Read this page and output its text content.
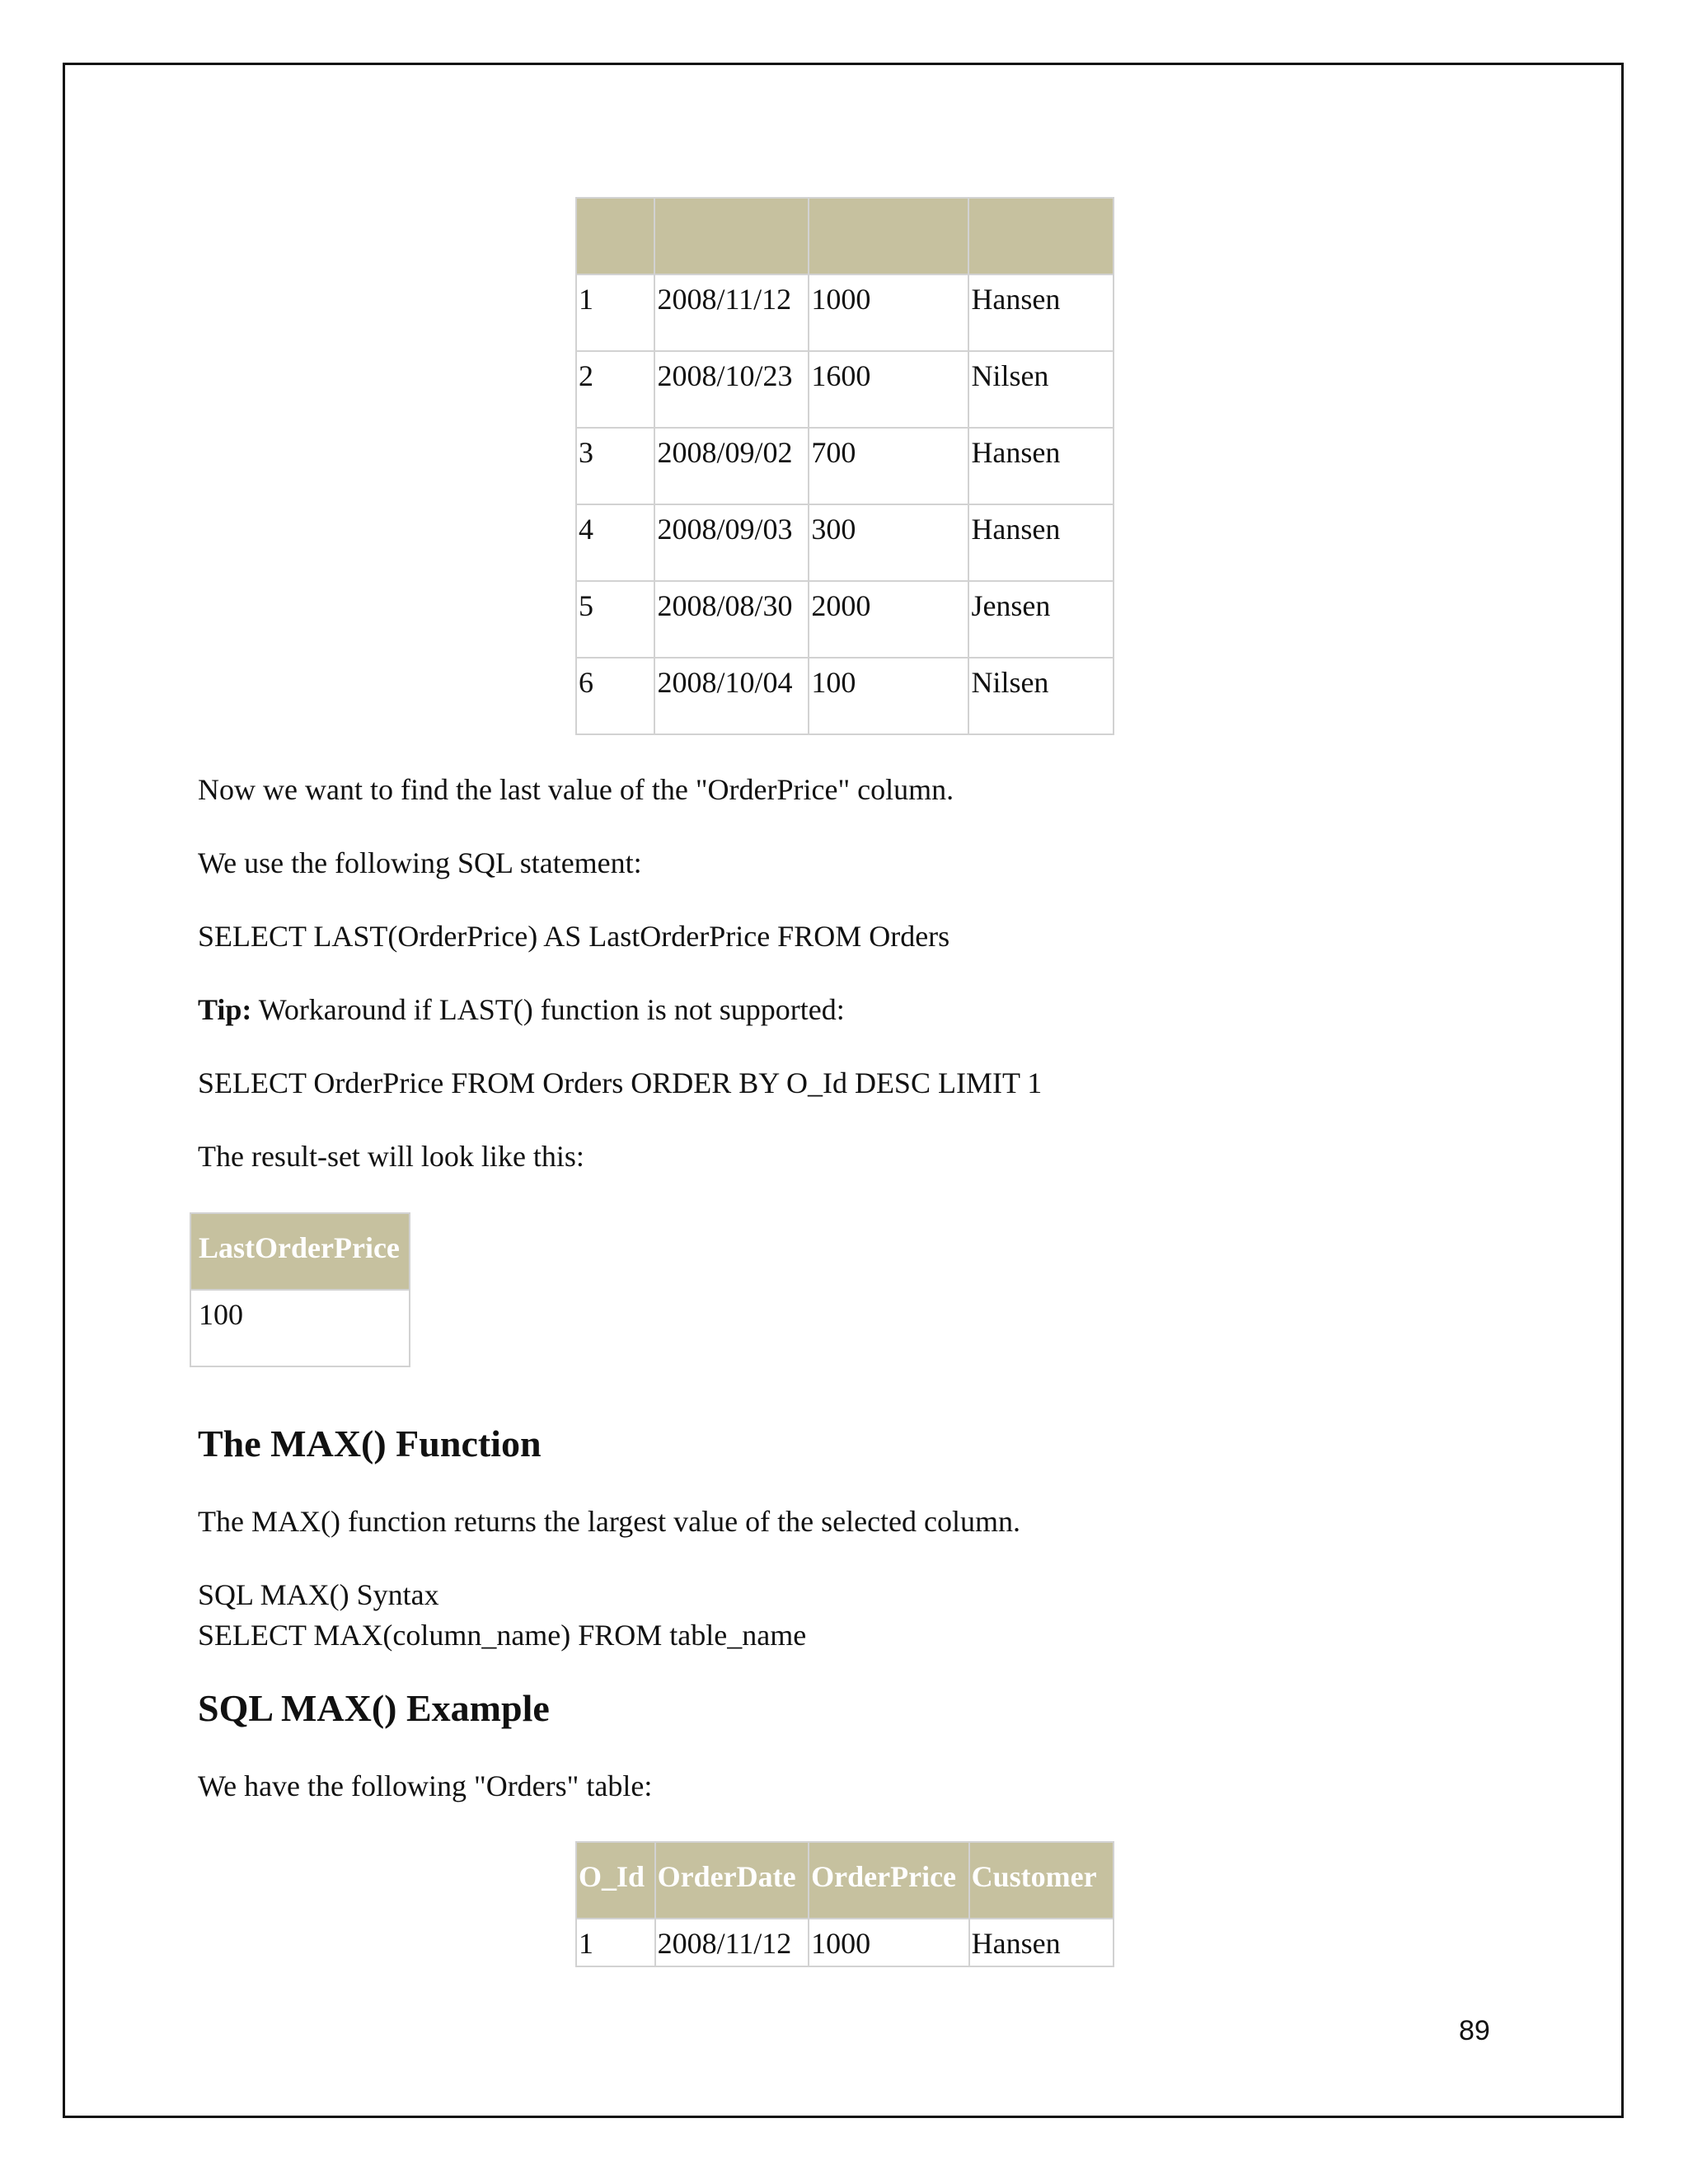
1	2008/11/12	1000	Hansen
2	2008/10/23	1600	Nilsen
3	2008/09/02	700	Hansen
4	2008/09/03	300	Hansen
5	2008/08/30	2000	Jensen
6	2008/10/04	100	Nilsen

Now we want to find the last value of the "OrderPrice" column.

We use the following SQL statement:

SELECT LAST(OrderPrice) AS LastOrderPrice FROM Orders

Tip: Workaround if LAST() function is not supported:

SELECT OrderPrice FROM Orders ORDER BY O_Id DESC LIMIT 1

The result-set will look like this:

LastOrderPrice
100
The MAX() Function

The MAX() function returns the largest value of the selected column.

SQL MAX() Syntax

SELECT MAX(column_name) FROM table_name

SQL MAX() Example

We have the following "Orders" table:

O_Id	OrderDate	OrderPrice	Customer
1	2008/11/12	1000	Hansen
89
